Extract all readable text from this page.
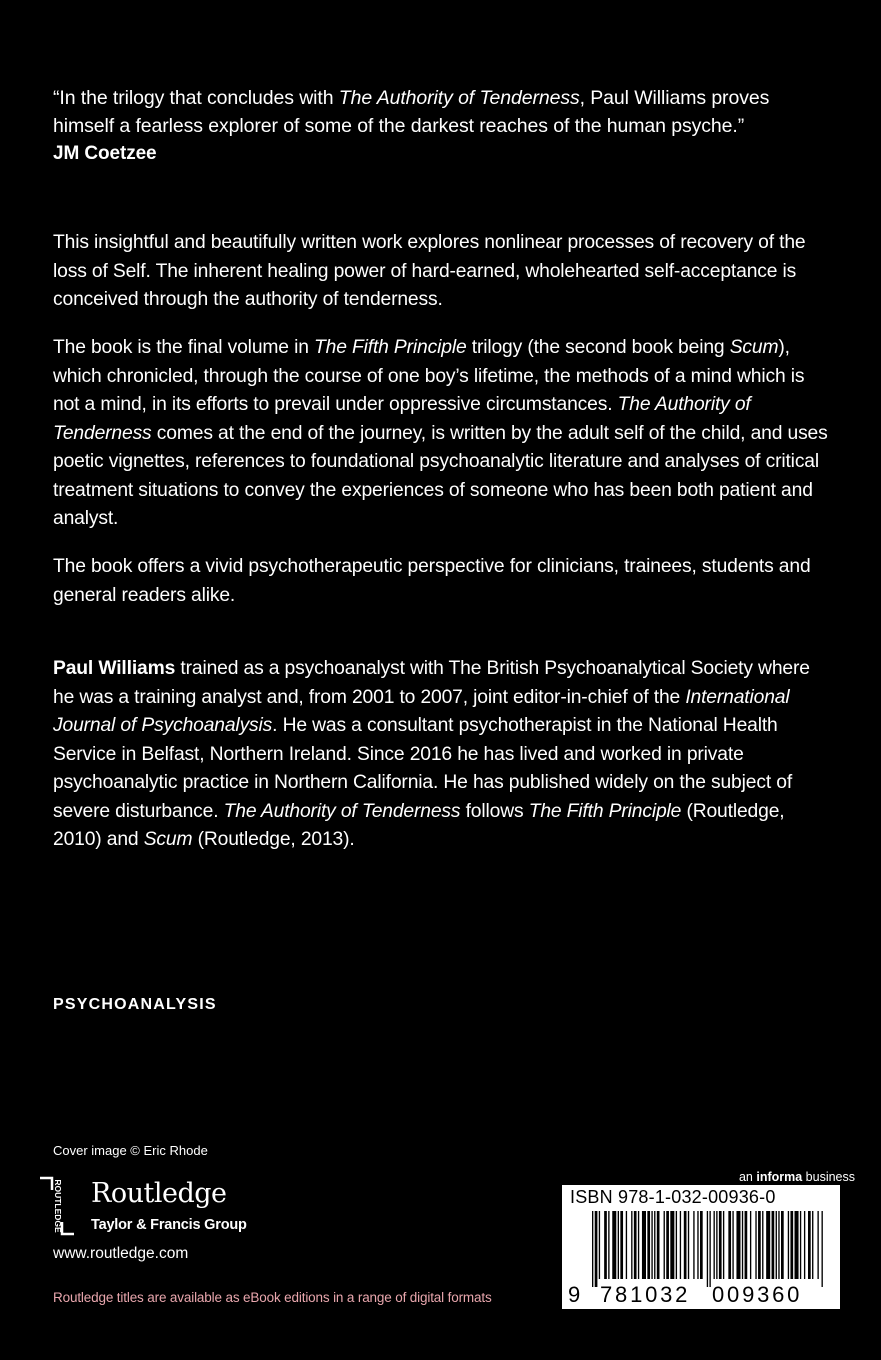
“In the trilogy that concludes with The Authority of Tenderness, Paul Williams proves himself a fearless explorer of some of the darkest reaches of the human psyche.”
JM Coetzee
This insightful and beautifully written work explores nonlinear processes of recovery of the loss of Self. The inherent healing power of hard-earned, wholehearted self-acceptance is conceived through the authority of tenderness.
The book is the final volume in The Fifth Principle trilogy (the second book being Scum), which chronicled, through the course of one boy’s lifetime, the methods of a mind which is not a mind, in its efforts to prevail under oppressive circumstances. The Authority of Tenderness comes at the end of the journey, is written by the adult self of the child, and uses poetic vignettes, references to foundational psychoanalytic literature and analyses of critical treatment situations to convey the experiences of someone who has been both patient and analyst.
The book offers a vivid psychotherapeutic perspective for clinicians, trainees, students and general readers alike.
Paul Williams trained as a psychoanalyst with The British Psychoanalytical Society where he was a training analyst and, from 2001 to 2007, joint editor-in-chief of the International Journal of Psychoanalysis. He was a consultant psychotherapist in the National Health Service in Belfast, Northern Ireland. Since 2016 he has lived and worked in private psychoanalytic practice in Northern California. He has published widely on the subject of severe disturbance. The Authority of Tenderness follows The Fifth Principle (Routledge, 2010) and Scum (Routledge, 2013).
PSYCHOANALYSIS
Cover image © Eric Rhode
ROUTLEDGE Routledge
Taylor & Francis Group
www.routledge.com
Routledge titles are available as eBook editions in a range of digital formats
an informa business
ISBN 978-1-032-00936-0
9 781032 009360
